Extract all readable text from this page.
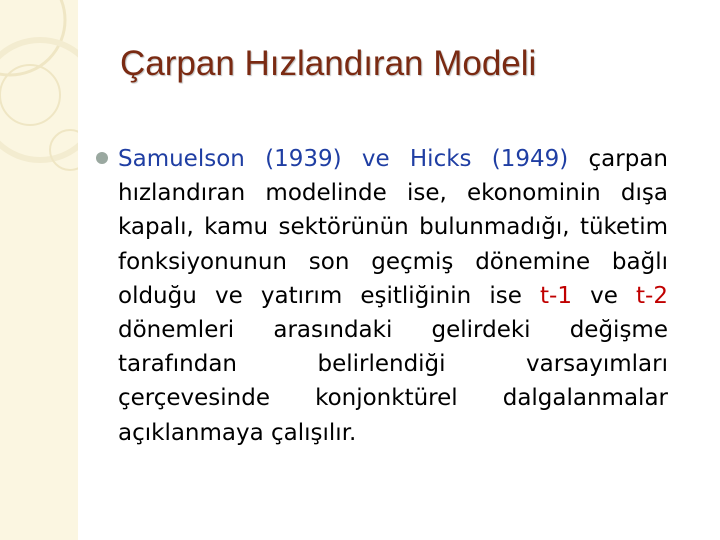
Çarpan Hızlandıran Modeli
Samuelson (1939) ve Hicks (1949) çarpan hızlandıran modelinde ise, ekonominin dışa kapalı, kamu sektörünün bulunmadığı, tüketim fonksiyonunun son geçmiş dönemine bağlı olduğu ve yatırım eşitliğinin ise t-1 ve t-2 dönemleri arasındaki gelirdeki değişme tarafından belirlendiği varsayımları çerçevesinde konjonktürel dalgalanmalar açıklanmaya çalışılır.
